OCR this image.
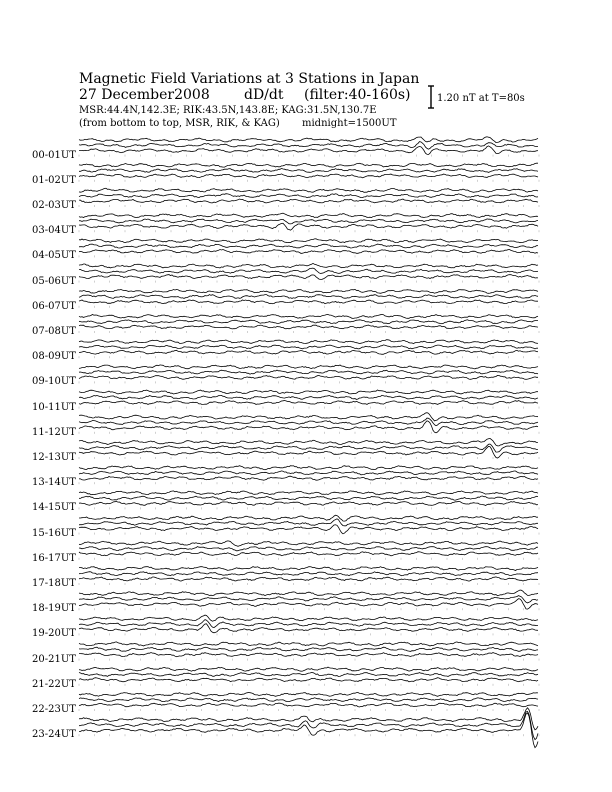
Magnetic Field Variations at 3 Stations in Japan
27 December2008 dD/dt (filter:40-160s)
MSR:44.4N,142.3E; RIK:43.5N,143.8E; KAG:31.5N,130.7E
(from bottom to top, MSR, RIK, & KAG) midnight=1500UT
1.20 nT at T=80s
00-01UT
01-02UT
02-03UT
03-04UT
04-05UT
05-06UT
06-07UT
07-08UT
08-09UT
09-10UT
10-11UT
11-12UT
12-13UT
13-14UT
14-15UT
15-16UT
16-17UT
17-18UT
18-19UT
19-20UT
20-21UT
21-22UT
22-23UT
23-24UT
